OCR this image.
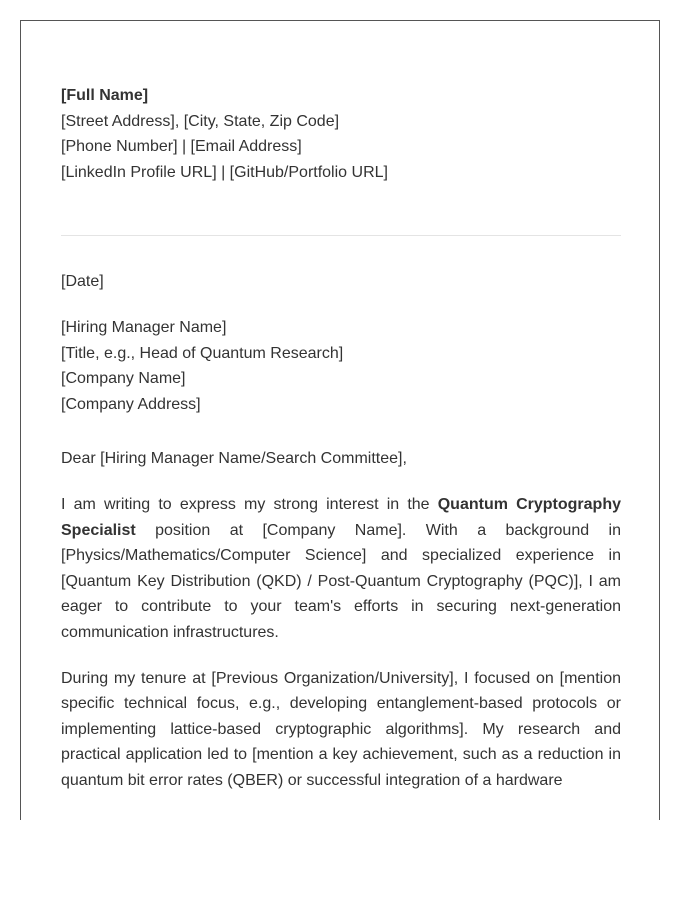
[Full Name]
[Street Address], [City, State, Zip Code]
[Phone Number] | [Email Address]
[LinkedIn Profile URL] | [GitHub/Portfolio URL]
[Date]
[Hiring Manager Name]
[Title, e.g., Head of Quantum Research]
[Company Name]
[Company Address]
Dear [Hiring Manager Name/Search Committee],

I am writing to express my strong interest in the Quantum Cryptography Specialist position at [Company Name]. With a background in [Physics/Mathematics/Computer Science] and specialized experience in [Quantum Key Distribution (QKD) / Post-Quantum Cryptography (PQC)], I am eager to contribute to your team's efforts in securing next-generation communication infrastructures.

During my tenure at [Previous Organization/University], I focused on [mention specific technical focus, e.g., developing entanglement-based protocols or implementing lattice-based cryptographic algorithms]. My research and practical application led to [mention a key achievement, such as a reduction in quantum bit error rates (QBER) or successful integration of a hardware
